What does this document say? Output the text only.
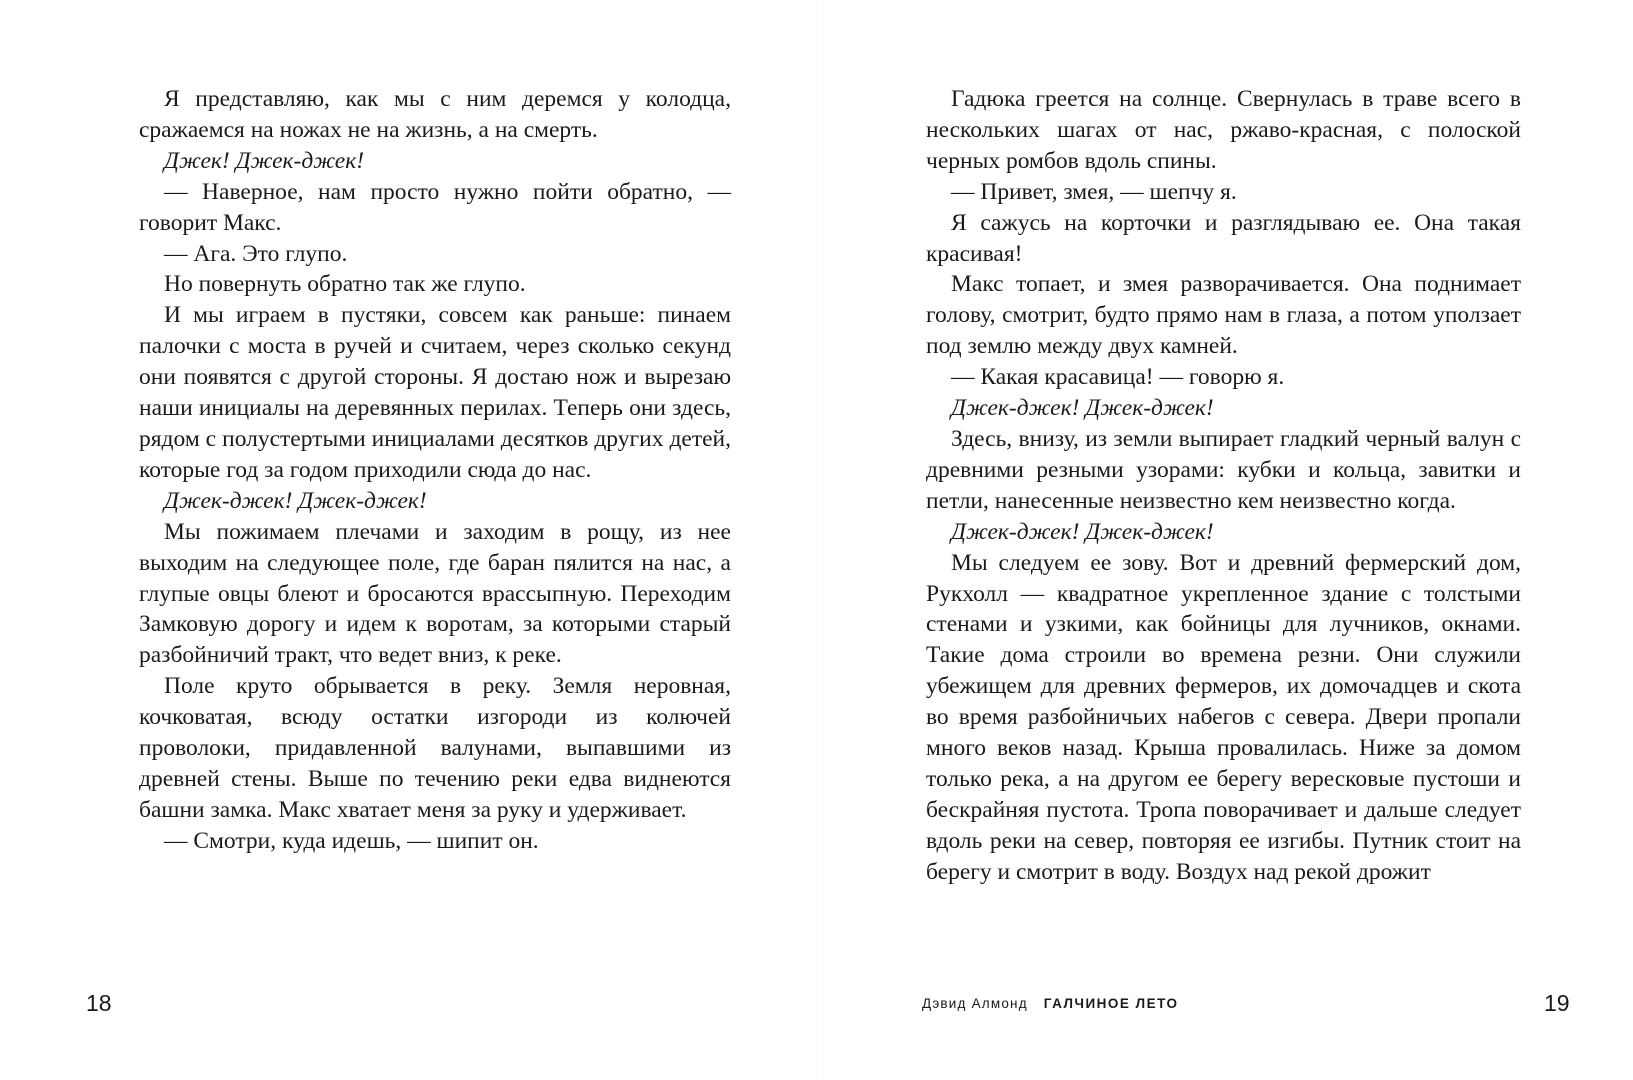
Я представляю, как мы с ним деремся у колодца, сражаемся на ножах не на жизнь, а на смерть.

Джек! Джек-джек!

— Наверное, нам просто нужно пойти обратно, — говорит Макс.

— Ага. Это глупо.

Но повернуть обратно так же глупо.

И мы играем в пустяки, совсем как раньше: пинаем палочки с моста в ручей и считаем, через сколько секунд они появятся с другой стороны. Я достаю нож и вырезаю наши инициалы на деревянных перилах. Теперь они здесь, рядом с полустертыми инициалами десятков других детей, которые год за годом приходили сюда до нас.

Джек-джек! Джек-джек!

Мы пожимаем плечами и заходим в рощу, из нее выходим на следующее поле, где баран пялится на нас, а глупые овцы блеют и бросаются врассыпную. Переходим Замковую дорогу и идем к воротам, за которыми старый разбойничий тракт, что ведет вниз, к реке.

Поле круто обрывается в реку. Земля неровная, кочковатая, всюду остатки изгороди из колючей проволоки, придавленной валунами, выпавшими из древней стены. Выше по течению реки едва виднеются башни замка. Макс хватает меня за руку и удерживает.

— Смотри, куда идешь, — шипит он.

18

Гадюка греется на солнце. Свернулась в траве всего в нескольких шагах от нас, ржаво-красная, с полоской черных ромбов вдоль спины.

— Привет, змея, — шепчу я.

Я сажусь на корточки и разглядываю ее. Она такая красивая!

Макс топает, и змея разворачивается. Она поднимает голову, смотрит, будто прямо нам в глаза, а потом уползает под землю между двух камней.

— Какая красавица! — говорю я.

Джек-джек! Джек-джек!

Здесь, внизу, из земли выпирает гладкий черный валун с древними резными узорами: кубки и кольца, завитки и петли, нанесенные неизвестно кем неизвестно когда.

Джек-джек! Джек-джек!

Мы следуем ее зову. Вот и древний фермерский дом, Рукхолл — квадратное укрепленное здание с толстыми стенами и узкими, как бойницы для лучников, окнами. Такие дома строили во времена резни. Они служили убежищем для древних фермеров, их домочадцев и скота во время разбойничьих набегов с севера. Двери пропали много веков назад. Крыша провалилась. Ниже за домом только река, а на другом ее берегу вересковые пустоши и бескрайняя пустота. Тропа поворачивает и дальше следует вдоль реки на север, повторяя ее изгибы. Путник стоит на берегу и смотрит в воду. Воздух над рекой дрожит

Дэвид Алмонд ГАЛЧИНОЕ ЛЕТО	19
